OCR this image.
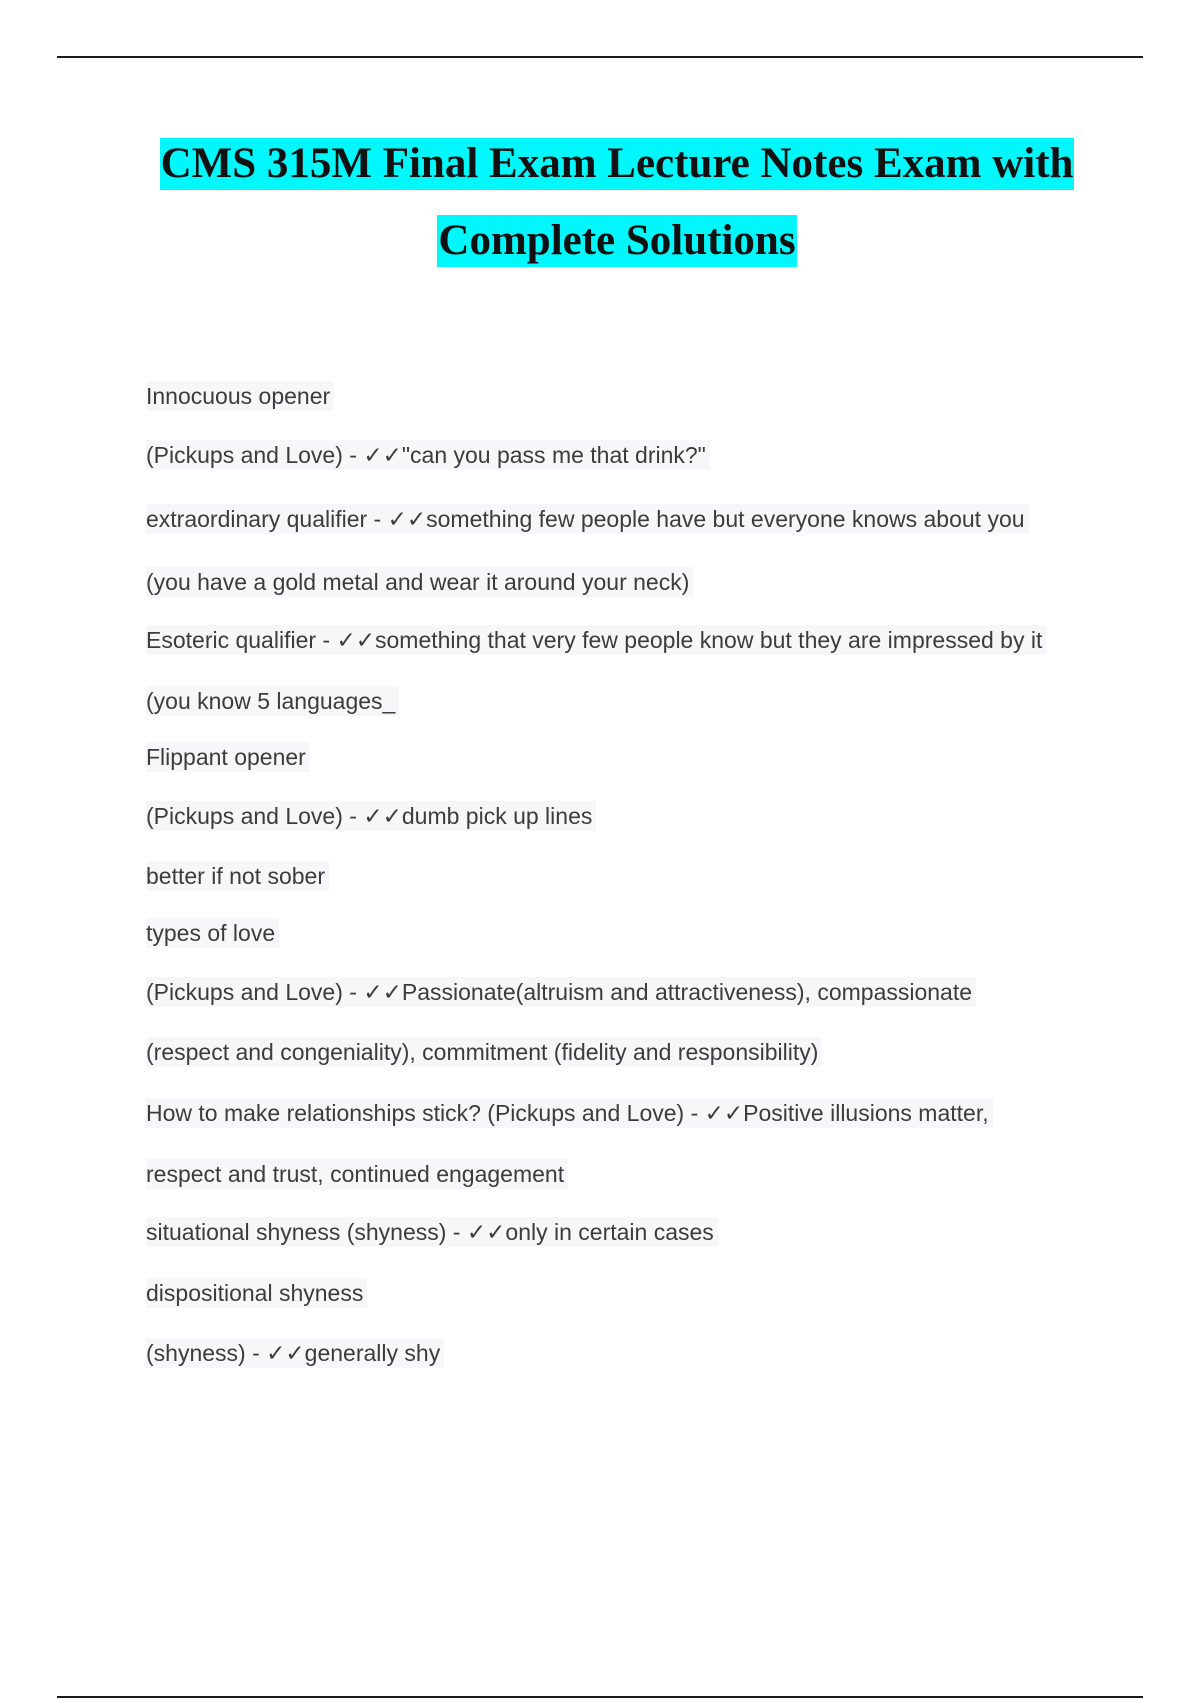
CMS 315M Final Exam Lecture Notes Exam with
Complete Solutions
Innocuous opener
(Pickups and Love) - ✓✓"can you pass me that drink?"
extraordinary qualifier - ✓✓something few people have but everyone knows about you
(you have a gold metal and wear it around your neck)
Esoteric qualifier - ✓✓something that very few people know but they are impressed by it
(you know 5 languages_
Flippant opener
(Pickups and Love) - ✓✓dumb pick up lines
better if not sober
types of love
(Pickups and Love) - ✓✓Passionate(altruism and attractiveness), compassionate
(respect and congeniality), commitment (fidelity and responsibility)
How to make relationships stick? (Pickups and Love) - ✓✓Positive illusions matter,
respect and trust, continued engagement
situational shyness (shyness) - ✓✓only in certain cases
dispositional shyness
(shyness) - ✓✓generally shy
